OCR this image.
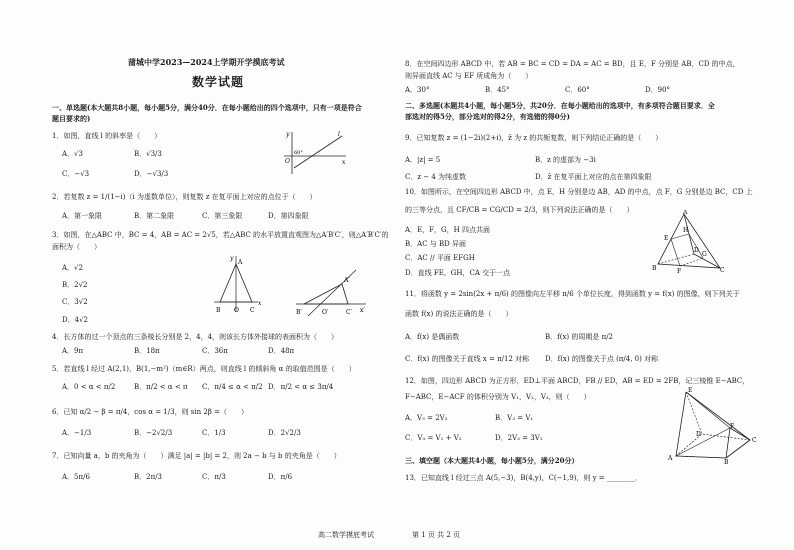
蒲城中学2023—2024上学期开学摸底考试
数学试题
一、单选题(本大题共8小题，每小题5分，满分40分．在每小题给出的四个选项中，只有一项是符合
题目要求的)
1．如图，直线 l 的斜率是（　　）
A．√3	B．√3/3
C．−√3	D．−√3/3
2．若复数 z = 1/(1−i)（i 为虚数单位），则复数 z 在复平面上对应的点位于（　　）
A．第一象限	B．第二象限	C．第三象限	D．第四象限
3．如图，在△ABC 中，BC = 4，AB = AC = 2√5，若△ABC 的水平放置直观图为△A′B′C′，则△A′B′C′的
面积为（　　）
A．√2
B．2√2
C．3√2
D．4√2
4．长方体的过一个顶点的三条棱长分别是 2，4，4，则该长方体外接球的表面积为（　　）
A．9π	B．18π	C．36π	D．48π
5．若直线 l 经过 A(2,1)，B(1,−m²)（m∈R）两点，则直线 l 的倾斜角 α 的取值范围是（　　）
A．0 < α < π/2	B．π/2 < α < π C．π/4 ≤ α < π/2 D．π/2 < α ≤ 3π/4
6．已知 α/2 − β = π/4，cos α = 1/3，则 sin 2β =（　　）
A．−1/3	B．−2√2/3	C．1/3	D．2√2/3
7．已知向量 a，b 的夹角为（　　）满足 |a| = |b| = 2，则 2a − b 与 b 的夹角是（　　）
A．5π/6	B．2π/3	C．π/3	D．π/6
y	l
x
O
60°
y
A
B O C
x
A′
B′	O′	C′ x′
8．在空间四边形 ABCD 中，若 AB = BC = CD = DA = AC = BD，且 E，F 分别是 AB，CD 的中点，
则异面直线 AC 与 EF 所成角为（　　）
A．30°	B．45°	C．60°	D．90°
二、多选题(本题共4小题，每小题5分，共20分．在每小题给出的选项中，有多项符合题目要求．全
部选对的得5分，部分选对的得2分，有选错的得0分)
9．已知复数 z = (1−2i)(2+i)，z̄ 为 z 的共轭复数，则下列结论正确的是（　　）
A．|z| = 5	B．z 的虚部为 −3i
C．z − 4 为纯虚数	D．z̄ 在复平面上对应的点在第四象限
10．如图所示，在空间四边形 ABCD 中，点 E，H 分别是边 AB，AD 的中点，点 F，G 分别是边 BC，CD 上
的三等分点，且 CF/CB = CG/CD = 2/3，则下列说法正确的是（　　）
A．E，F，G，H 四点共面
B．AC 与 BD 异面
C．AC // 平面 EFGH
D．直线 FE，GH，CA 交于一点
11．将函数 y = 2sin(2x + π/6) 的图像向左平移 π/6 个单位长度，得到函数 y = f(x) 的图像，则下列关于
函数 f(x) 的说法正确的是（　　）
A．f(x) 是偶函数	B．f(x) 的周期是 π/2
C．f(x) 的图像关于直线 x = π/12 对称 D．f(x) 的图像关于点 (π/4, 0) 对称
12．如图，四边形 ABCD 为正方形，ED⊥平面 ABCD，FB // ED，AB = ED = 2FB，记三棱锥 E−ABC，
F−ABC，E−ACF 的体积分别为 V₁，V₂，V₃，则（　　）
A．V₃ = 2V₂	B．V₃ = V₁
C．V₃ = V₁ + V₂	D．2V₃ = 3V₁
三、填空题（本大题共4小题，每小题5分，满分20分）
13．已知直线 l 经过三点 A(5,−3)，B(4,y)，C(−1,9)，则 y = ________．
A
E
H
B	F
G
D
C
E
F
A
D
B
C
高二数学摸底考试	第 1 页 共 2 页
